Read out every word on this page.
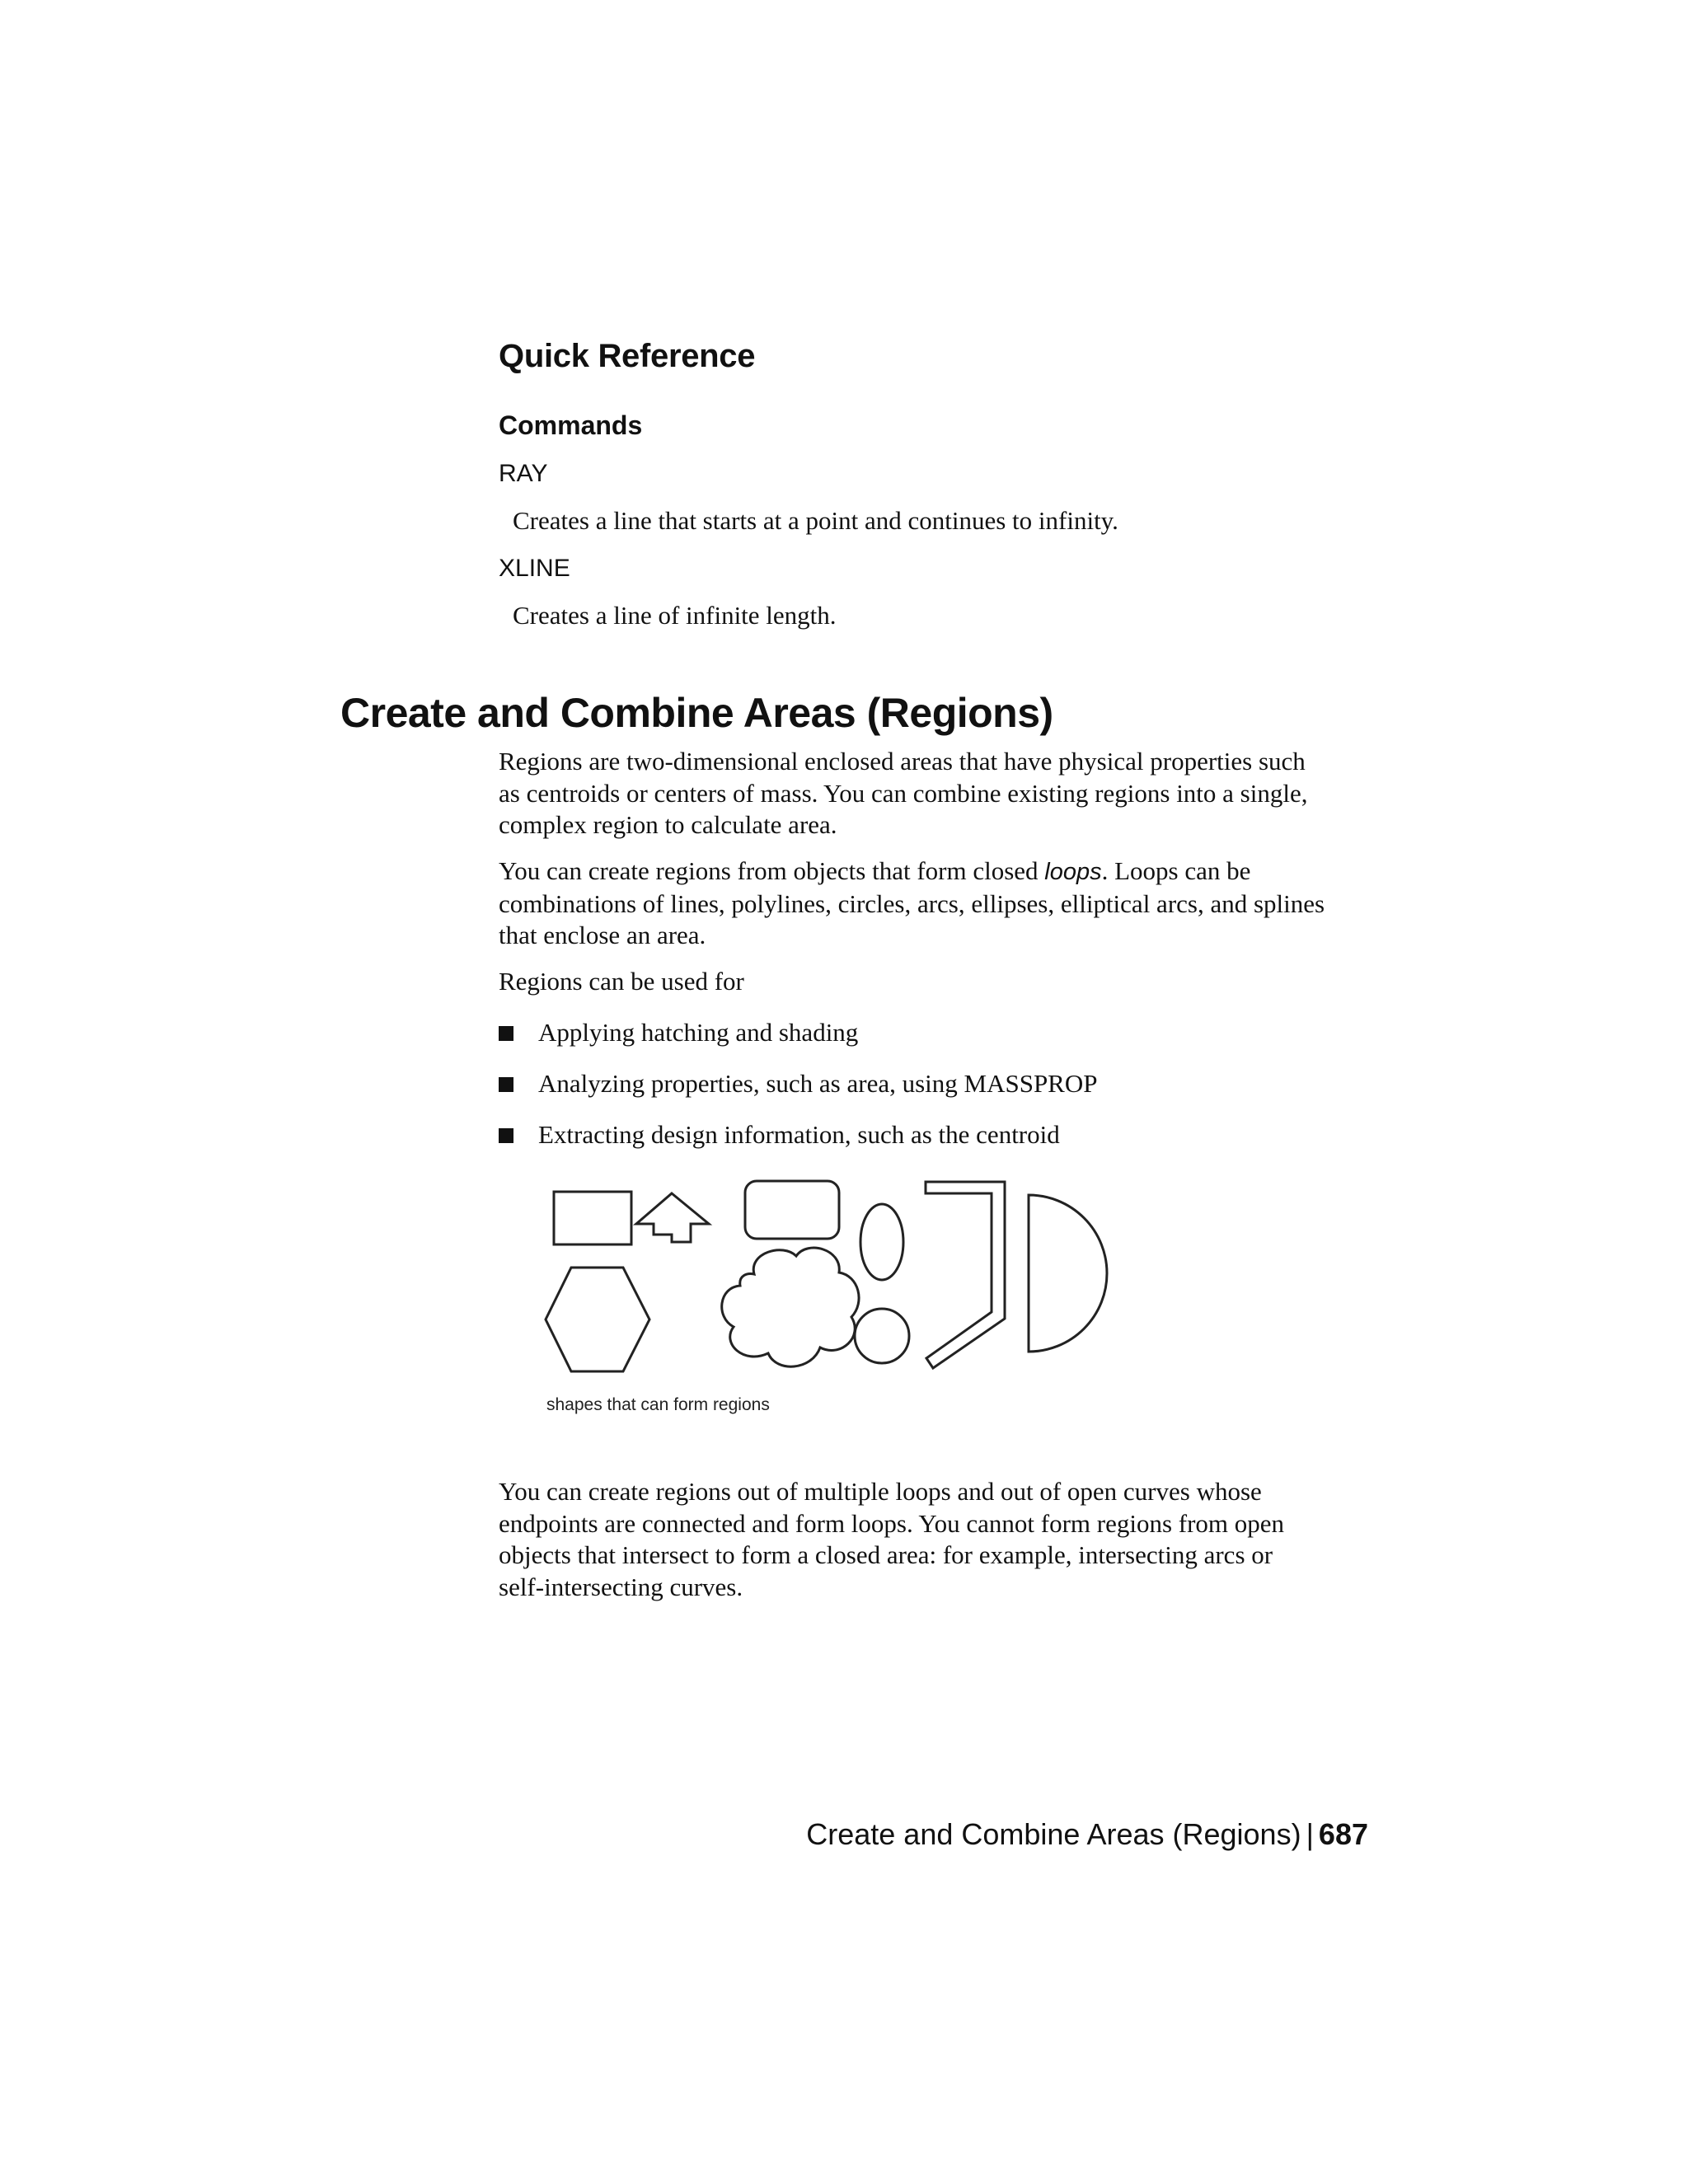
Quick Reference
Commands
RAY
Creates a line that starts at a point and continues to infinity.
XLINE
Creates a line of infinite length.
Create and Combine Areas (Regions)
Regions are two-dimensional enclosed areas that have physical properties such
as centroids or centers of mass. You can combine existing regions into a single,
complex region to calculate area.
You can create regions from objects that form closed loops. Loops can be
combinations of lines, polylines, circles, arcs, ellipses, elliptical arcs, and splines
that enclose an area.
Regions can be used for
Applying hatching and shading
Analyzing properties, such as area, using MASSPROP
Extracting design information, such as the centroid
shapes that can form regions
You can create regions out of multiple loops and out of open curves whose
endpoints are connected and form loops. You cannot form regions from open
objects that intersect to form a closed area: for example, intersecting arcs or
self-intersecting curves.
Create and Combine Areas (Regions) | 687
